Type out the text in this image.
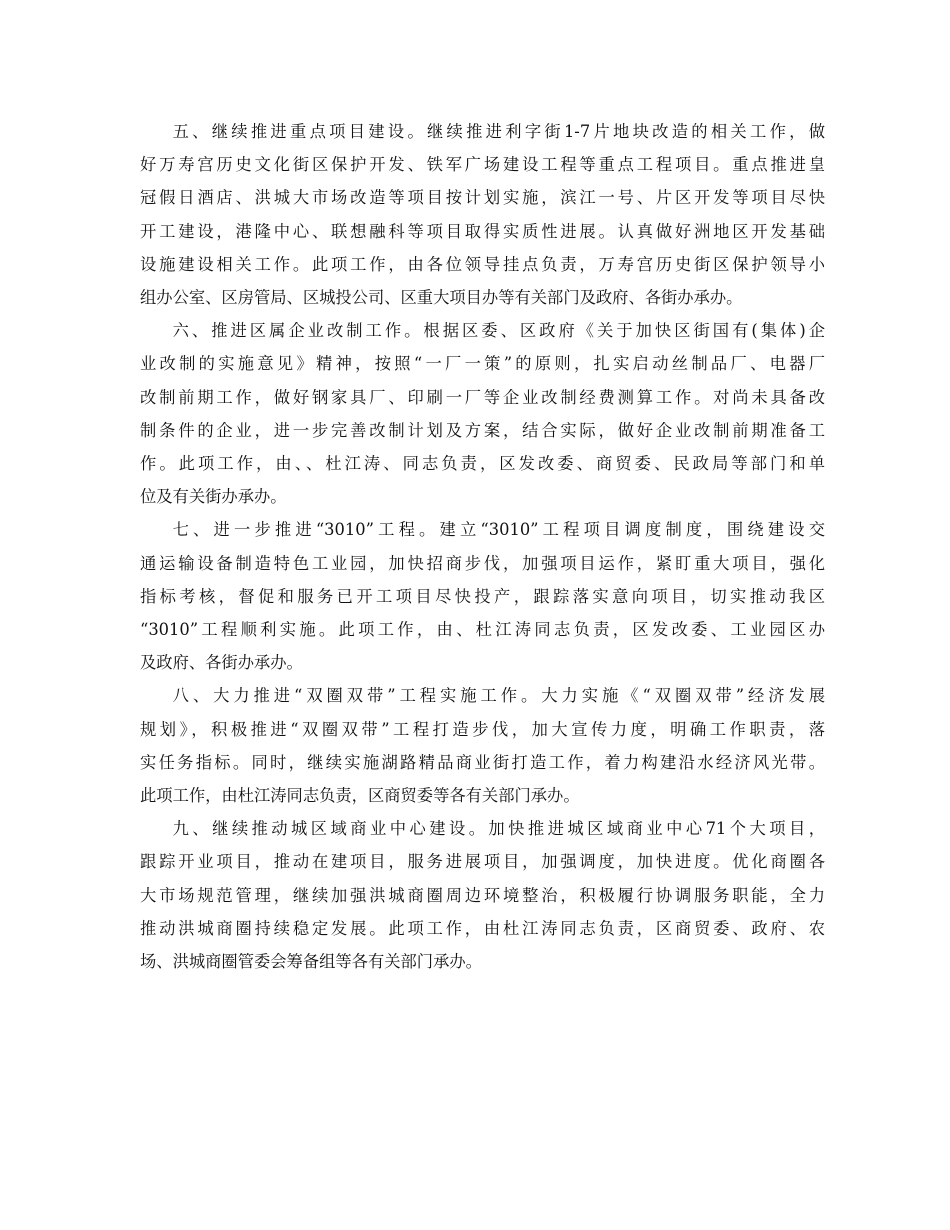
五、继续推进重点项目建设。继续推进利字街1-7片地块改造的相关工作，做
好万寿宫历史文化街区保护开发、铁军广场建设工程等重点工程项目。重点推进皇
冠假日酒店、洪城大市场改造等项目按计划实施，滨江一号、片区开发等项目尽快
开工建设，港隆中心、联想融科等项目取得实质性进展。认真做好洲地区开发基础
设施建设相关工作。此项工作，由各位领导挂点负责，万寿宫历史街区保护领导小
组办公室、区房管局、区城投公司、区重大项目办等有关部门及政府、各街办承办。
六、推进区属企业改制工作。根据区委、区政府《关于加快区街国有(集体)企
业改制的实施意见》精神，按照“一厂一策”的原则，扎实启动丝制品厂、电器厂
改制前期工作，做好钢家具厂、印刷一厂等企业改制经费测算工作。对尚未具备改
制条件的企业，进一步完善改制计划及方案，结合实际，做好企业改制前期准备工
作。此项工作，由、、杜江涛、同志负责，区发改委、商贸委、民政局等部门和单
位及有关街办承办。
七、进一步推进“3010”工程。建立“3010”工程项目调度制度，围绕建设交
通运输设备制造特色工业园，加快招商步伐，加强项目运作，紧盯重大项目，强化
指标考核，督促和服务已开工项目尽快投产，跟踪落实意向项目，切实推动我区
“3010”工程顺利实施。此项工作，由、杜江涛同志负责，区发改委、工业园区办
及政府、各街办承办。
八、大力推进“双圈双带”工程实施工作。大力实施《“双圈双带”经济发展
规划》，积极推进“双圈双带”工程打造步伐，加大宣传力度，明确工作职责，落
实任务指标。同时，继续实施湖路精品商业街打造工作，着力构建沿水经济风光带。
此项工作，由杜江涛同志负责，区商贸委等各有关部门承办。
九、继续推动城区域商业中心建设。加快推进城区域商业中心71个大项目，
跟踪开业项目，推动在建项目，服务进展项目，加强调度，加快进度。优化商圈各
大市场规范管理，继续加强洪城商圈周边环境整治，积极履行协调服务职能，全力
推动洪城商圈持续稳定发展。此项工作，由杜江涛同志负责，区商贸委、政府、农
场、洪城商圈管委会筹备组等各有关部门承办。
